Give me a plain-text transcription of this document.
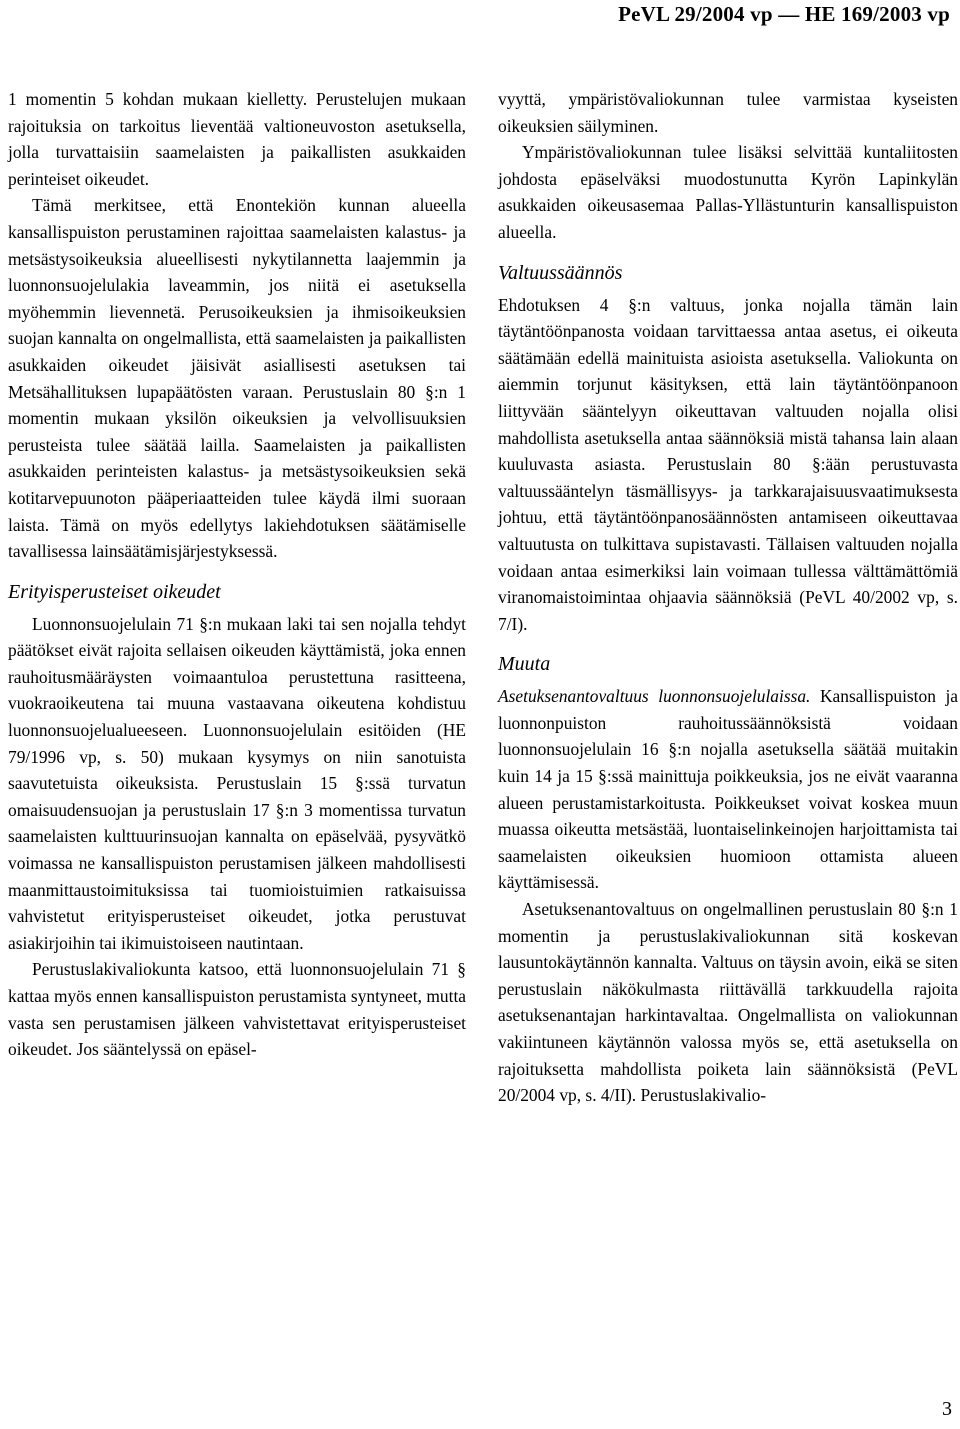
PeVL 29/2004 vp — HE 169/2003 vp

1 momentin 5 kohdan mukaan kielletty. Perustelujen mukaan rajoituksia on tarkoitus lieventää valtioneuvoston asetuksella, jolla turvattaisiin saamelaisten ja paikallisten asukkaiden perinteiset oikeudet.

Tämä merkitsee, että Enontekiön kunnan alueella kansallispuiston perustaminen rajoittaa saamelaisten kalastus- ja metsästysoikeuksia alueellisesti nykytilannetta laajemmin ja luonnonsuojelulakia laveammin, jos niitä ei asetuksella myöhemmin lievennetä. Perusoikeuksien ja ihmisoikeuksien suojan kannalta on ongelmallista, että saamelaisten ja paikallisten asukkaiden oikeudet jäisivät asiallisesti asetuksen tai Metsähallituksen lupapäätösten varaan. Perustuslain 80 §:n 1 momentin mukaan yksilön oikeuksien ja velvollisuuksien perusteista tulee säätää lailla. Saamelaisten ja paikallisten asukkaiden perinteisten kalastus- ja metsästysoikeuksien sekä kotitarvepuunoton pääperiaatteiden tulee käydä ilmi suoraan laista. Tämä on myös edellytys lakiehdotuksen säätämiselle tavallisessa lainsäätämisjärjestyksessä.

Erityisperusteiset oikeudet

Luonnonsuojelulain 71 §:n mukaan laki tai sen nojalla tehdyt päätökset eivät rajoita sellaisen oikeuden käyttämistä, joka ennen rauhoitusmääräysten voimaantuloa perustettuna rasitteena, vuokraoikeutena tai muuna vastaavana oikeutena kohdistuu luonnonsuojelualueeseen. Luonnonsuojelulain esitöiden (HE 79/1996 vp, s. 50) mukaan kysymys on niin sanotuista saavutetuista oikeuksista. Perustuslain 15 §:ssä turvatun omaisuudensuojan ja perustuslain 17 §:n 3 momentissa turvatun saamelaisten kulttuurinsuojan kannalta on epäselvää, pysyvätkö voimassa ne kansallispuiston perustamisen jälkeen mahdollisesti maanmittaustoimituksissa tai tuomioistuimien ratkaisuissa vahvistetut erityisperusteiset oikeudet, jotka perustuvat asiakirjoihin tai ikimuistoiseen nautintaan.

Perustuslakivaliokunta katsoo, että luonnonsuojelulain 71 § kattaa myös ennen kansallispuiston perustamista syntyneet, mutta vasta sen perustamisen jälkeen vahvistettavat erityisperusteiset oikeudet. Jos sääntelyssä on epäsel-

vyyttä, ympäristövaliokunnan tulee varmistaa kyseisten oikeuksien säilyminen.

Ympäristövaliokunnan tulee lisäksi selvittää kuntaliitosten johdosta epäselväksi muodostunutta Kyrön Lapinkylän asukkaiden oikeusasemaa Pallas-Yllästunturin kansallispuiston alueella.

Valtuussäännös

Ehdotuksen 4 §:n valtuus, jonka nojalla tämän lain täytäntöönpanosta voidaan tarvittaessa antaa asetus, ei oikeuta säätämään edellä mainituista asioista asetuksella. Valiokunta on aiemmin torjunut käsityksen, että lain täytäntöönpanoon liittyvään sääntelyyn oikeuttavan valtuuden nojalla olisi mahdollista asetuksella antaa säännöksiä mistä tahansa lain alaan kuuluvasta asiasta. Perustuslain 80 §:ään perustuvasta valtuussääntelyn täsmällisyys- ja tarkkarajaisuusvaatimuksesta johtuu, että täytäntöönpanosäännösten antamiseen oikeuttavaa valtuutusta on tulkittava supistavasti. Tällaisen valtuuden nojalla voidaan antaa esimerkiksi lain voimaan tullessa välttämättömiä viranomaistoimintaa ohjaavia säännöksiä (PeVL 40/2002 vp, s. 7/I).

Muuta

Asetuksenantovaltuus luonnonsuojelulaissa. Kansallispuiston ja luonnonpuiston rauhoitussäännöksistä voidaan luonnonsuojelulain 16 §:n nojalla asetuksella säätää muitakin kuin 14 ja 15 §:ssä mainittuja poikkeuksia, jos ne eivät vaaranna alueen perustamistarkoitusta. Poikkeukset voivat koskea muun muassa oikeutta metsästää, luontaiselinkeinojen harjoittamista tai saamelaisten oikeuksien huomioon ottamista alueen käyttämisessä.

Asetuksenantovaltuus on ongelmallinen perustuslain 80 §:n 1 momentin ja perustuslakivaliokunnan sitä koskevan lausuntokäytännön kannalta. Valtuus on täysin avoin, eikä se siten perustuslain näkökulmasta riittävällä tarkkuudella rajoita asetuksenantajan harkintavaltaa. Ongelmallista on valiokunnan vakiintuneen käytännön valossa myös se, että asetuksella on rajoituksetta mahdollista poiketa lain säännöksistä (PeVL 20/2004 vp, s. 4/II). Perustuslakivalio-

3
